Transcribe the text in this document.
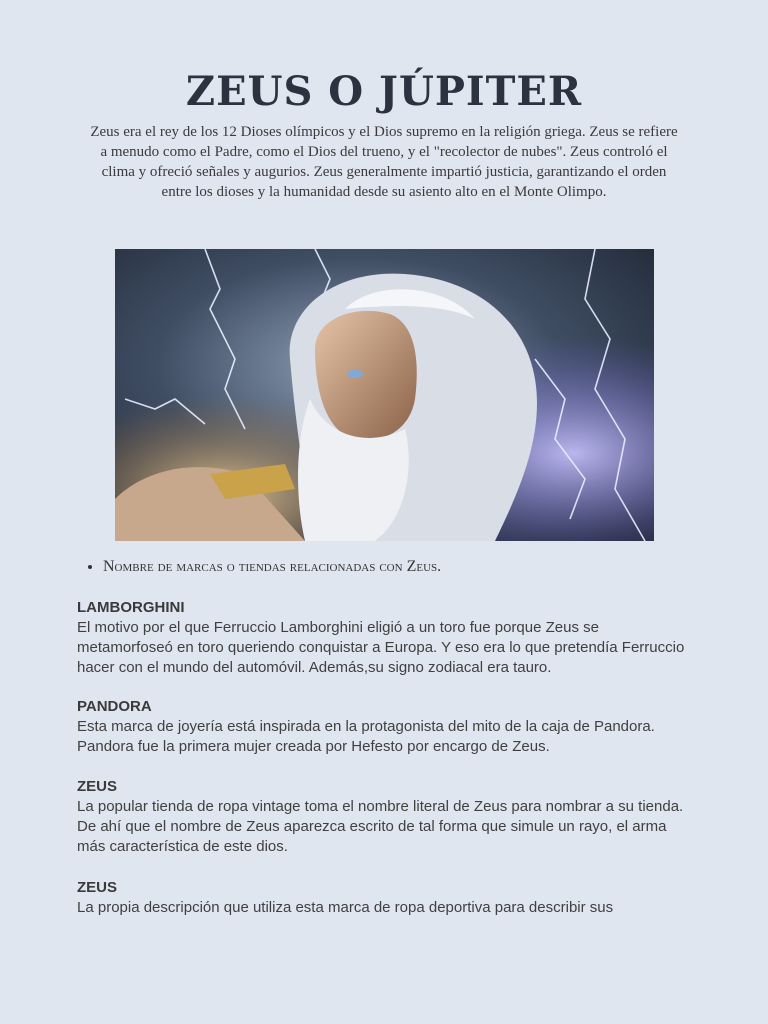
ZEUS O JÚPITER

Zeus era el rey de los 12 Dioses olímpicos y el Dios supremo en la religión griega. Zeus se refiere a menudo como el Padre, como el Dios del trueno, y el "recolector de nubes". Zeus controló el clima y ofreció señales y augurios. Zeus generalmente impartió justicia, garantizando el orden entre los dioses y la humanidad desde su asiento alto en el Monte Olimpo.

• Nombre de marcas o tiendas relacionadas con Zeus.
LAMBORGHINI

El motivo por el que Ferruccio Lamborghini eligió a un toro fue porque Zeus se metamorfoseó en toro queriendo conquistar a Europa. Y eso era lo que pretendía Ferruccio hacer con el mundo del automóvil. Además,su signo zodiacal era tauro.

PANDORA

Esta marca de joyería está inspirada en la protagonista del mito de la caja de Pandora. Pandora fue la primera mujer creada por Hefesto por encargo de Zeus.

ZEUS

La popular tienda de ropa vintage toma el nombre literal de Zeus para nombrar a su tienda. De ahí que el nombre de Zeus aparezca escrito de tal forma que simule un rayo, el arma más característica de este dios.

ZEUS

La propia descripción que utiliza esta marca de ropa deportiva para describir sus
